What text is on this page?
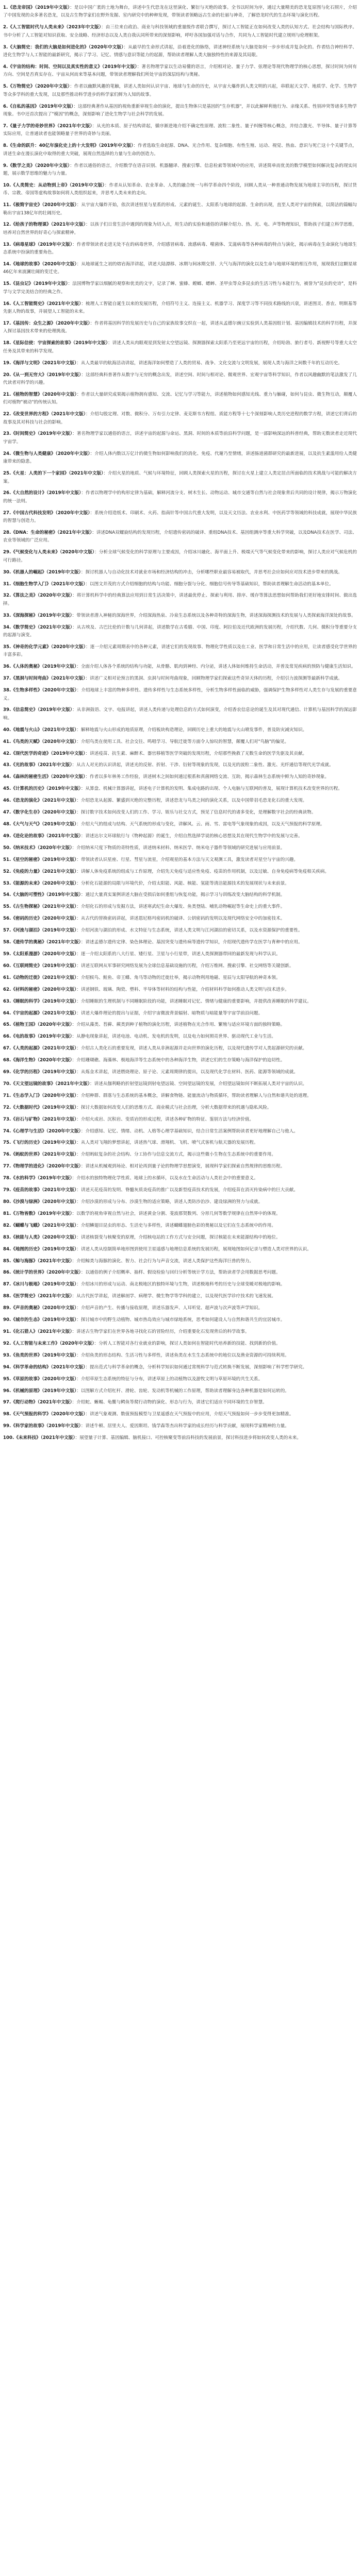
1.《恐龙帝国》（2019年中文版）：是以中国广袤的土地为舞台，讲述中生代恐龙在这里演化、繁衍与灭绝的故事。全书以时间为序，通过大量精美的恐龙复原图与化石照片，介绍了中国发现的众多著名恐龙，以及古生物学家们在野外发掘、室内研究中的种种发现，带领读者领略远古生命的壮丽与神奇，了解恐龙时代的生态环境与演化历程。

2.《人工智能时代与人类未来》（2023年中文版）：由三位来自政治、商业与科技领域的重量级作者联合撰写，探讨人工智能正在如何改变人类的认知方式、社会结构与国际秩序。书中分析了人工智能对知识获取、安全战略、经济形态以及人类自我认同所带来的深刻影响，呼吁各国加强对话与合作，共同为人工智能时代建立规则与伦理框架。

3.《大脑简史：我们的大脑是如何进化的》（2020年中文版）：从最早的生命形式讲起，沿着进化的脉络，讲述神经系统与大脑是如何一步步形成并复杂化的。作者结合神经科学、进化生物学与人工智能的最新研究，揭示了学习、记忆、情感与意识等能力的起源，帮助读者理解人类大脑独特性的来源及其局限。

4.《宇宙的结构：时间、空间以及真实性的意义》（2019年中文版）：著名物理学家以生动易懂的语言，介绍相对论、量子力学、弦理论等现代物理学的核心思想，探讨时间为何有方向、空间是否真实存在、宇宙从何而来等基本问题，带领读者理解我们所处宇宙的深层结构与奥秘。

5.《万物简史》（2020年中文版）：作者以幽默风趣的笔触，讲述人类如何认识宇宙、地球与生命的历史，从宇宙大爆炸到人类文明的兴起，串联起天文学、地质学、化学、生物学等众多学科的重大发现，以及那些推动科学进步的科学家们鲜为人知的故事。

6.《自私的基因》（2019年中文版）：这部经典著作从基因的视角重新审视生命的演化，提出生物体只是基因的"生存机器"，并以此解释利他行为、亲缘关系、性别冲突等诸多生物学现象。书中还首次提出了"模因"的概念，深刻影响了进化生物学与社会科学的发展。

7.《量子力学的奇妙世界》（2021年中文版）：从光的本质、原子结构讲起，循序渐进地介绍不确定性原理、波粒二象性、量子纠缠等核心概念，并结合激光、半导体、量子计算等实际应用，让普通读者也能领略量子世界的奇妙与美丽。

8.《生命的跃升：40亿年演化史上的十大发明》（2019年中文版）：作者选取生命起源、DNA、光合作用、复杂细胞、有性生殖、运动、视觉、热血、意识与死亡这十个关键节点，讲述生命在漫长演化中取得的重大突破，展现自然选择的力量与生命的创造力。

9.《数学之美》（2020年中文版）：作者以通俗的语言，介绍数学在语音识别、机器翻译、搜索引擎、信息检索等领域中的应用，讲述简单而优美的数学模型如何解决复杂的现实问题，展示数学思维的魅力与力量。

10.《人类简史：从动物到上帝》（2019年中文版）：作者从认知革命、农业革命、人类的融合统一与科学革命四个阶段，回顾人类从一种普通动物发展为地球主宰的历程，探讨货币、宗教、帝国等虚构故事如何将人类组织起来，并思考人类未来的走向。

11.《极简宇宙史》（2020年中文版）：从宇宙大爆炸开始，依次讲述恒星与星系的形成、元素的诞生、太阳系与地球的起源、生命的出现，直至人类对宇宙的探索，以简洁的篇幅勾勒出宇宙138亿年的壮阔历史。

12.《给孩子的物理课》（2021年中文版）：以孩子们日常生活中遇到的现象为切入点，用生动的实验和通俗的讲解介绍力、热、光、电、声等物理知识，帮助孩子们建立科学思维，培养对自然世界的好奇心与探索精神。

13.《病毒星球》（2019年中文版）：作者带领读者走进无处不在的病毒世界，介绍感冒病毒、流感病毒、噬菌体、艾滋病毒等各种病毒的特点与演化，揭示病毒在生命演化与地球生态系统中扮演的重要角色。

14.《地球的故事》（2020年中文版）：从地球诞生之初的熔岩海洋讲起，讲述大陆漂移、冰期与间冰期交替、大气与海洋的演化以及生命与地球环境的相互作用，展现我们这颗星球46亿年来波澜壮阔的变迁史。

15.《昆虫记》（2019年中文版）：法国博物学家以细腻的观察和优美的文字，记录了蝉、蜜蜂、螳螂、蟋蟀、圣甲虫等众多昆虫的生活习性与本能行为，被誉为"昆虫的史诗"，是科学与文学完美结合的经典之作。

16.《人工智能简史》（2021年中文版）：梳理人工智能自诞生以来的发展历程，介绍符号主义、连接主义、机器学习、深度学习等不同技术路线的兴衰，讲述图灵、香农、明斯基等先驱人物的故事，并展望人工智能的未来。

17.《基因传：众生之源》（2020年中文版）：作者将基因科学的发展历史与自己的家族故事交织在一起，讲述从孟德尔豌豆实验到人类基因组计划、基因编辑技术的科学历程，并深入探讨基因技术带来的伦理挑战。

18.《星际信使：宇宙探索的故事》（2019年中文版）：讲述人类从肉眼观星到发射太空望远镜、探测器探索太阳系乃至更远宇宙的历程，介绍哈勃、旅行者号、新视野号等重大太空任务及其带来的科学发现。

19.《海洋与文明》（2021年中文版）：从人类最早的航海活动讲起，讲述海洋如何塑造了人类的贸易、战争、文化交流与文明发展，展现人类与海洋之间数千年的互动历史。

20.《从一到无穷大》（2019年中文版）：这部经典科普著作从数字与无穷的概念出发，讲述空间、时间与相对论、微观世界、宏观宇宙等科学知识，作者以风趣幽默的笔法激发了几代读者对科学的兴趣。

21.《植物的智慧》（2020年中文版）：作者以大量研究成果揭示植物拥有感知、交流、记忆与学习等能力，讲述植物如何感知光线、重力与触碰，如何与昆虫、微生物互动，颠覆人们对植物"被动"的传统认知。

22.《改变世界的方程》（2021年中文版）：介绍勾股定理、对数、微积分、万有引力定律、麦克斯韦方程组、质能方程等十七个深刻影响人类历史进程的数学方程，讲述它们背后的故事及其对科技与社会的影响。

23.《时间简史》（2019年中文版）：著名物理学家以通俗的语言，讲述宇宙的起源与命运、黑洞、时间的本质等前沿科学问题，是一部影响深远的科普经典，帮助无数读者走近现代宇宙学。

24.《微生物与人类健康》（2020年中文版）：介绍人体内数以万亿计的微生物如何影响我们的消化、免疫、代谢乃至情绪，讲述肠道菌群研究的最新进展，以及抗生素滥用给人类健康带来的隐患。

25.《火星：人类的下一个家园》（2021年中文版）：介绍火星的地质、气候与环境特征，回顾人类探索火星的历程，探讨在火星上建立人类定居点所面临的技术挑战与可能的解决方案。

26.《大自然的设计》（2019年中文版）：作者以物理学中的构形定律为基础，解释河流分支、树木生长、动物运动、城市交通等自然与社会现象背后共同的设计规律，揭示万物演化的统一法则。

27.《中国古代科技发明》（2020年中文版）：系统介绍造纸术、印刷术、火药、指南针等中国古代重大发明，以及天文历法、农业水利、中医药学等领域的科技成就，展现中华民族的智慧与创造力。

28.《DNA：生命的秘密》（2021年中文版）：讲述DNA双螺旋结构的发现历程，介绍遗传密码的破译、重组DNA技术、基因组测序等重大科学突破，以及DNA技术在医学、司法、农业等领域的广泛应用。

29.《气候变化与人类未来》（2020年中文版）：分析全球气候变化的科学原理与主要成因，介绍冰川融化、海平面上升、极端天气等气候变化带来的影响，探讨人类应对气候危机的可行路径。

30.《机器人的崛起》（2019年中文版）：探讨机器人与自动化技术对就业市场和经济结构的冲击，分析哪些职业最容易被取代，并思考社会应如何应对技术进步带来的挑战。

31.《细胞生物学入门》（2021年中文版）：以图文并茂的方式介绍细胞的结构与功能、细胞分裂与分化、细胞信号传导等基础知识，帮助读者理解生命活动的基本单位。

32.《算法之美》（2020年中文版）：将计算机科学中的经典算法应用到日常生活决策中，讲述最优停止、探索与利用、排序、缓存等算法思想如何帮助我们更好地安排时间、做出选择。

33.《深海探秘》（2019年中文版）：带领读者潜入神秘的深海世界，介绍深海热泉、冷泉生态系统以及各种奇特的深海生物，讲述深海探测技术的发展与人类探索海洋深处的故事。

34.《数学简史》（2021年中文版）：从古埃及、古巴比伦的计数与几何讲起，讲述数学在古希腊、中国、印度、阿拉伯及近代欧洲的发展历程，介绍代数、几何、微积分等重要分支的起源与演变。

35.《神奇的化学元素》（2020年中文版）：逐一介绍元素周期表中的各种元素，讲述它们的发现故事、物理化学性质以及在工业、医学和日常生活中的应用，让读者感受化学世界的丰富多彩。

36.《人体的奥秘》（2019年中文版）：全面介绍人体各个系统的结构与功能，从骨骼、肌肉到神经、内分泌，讲述人体如何维持生命活动，并普及常见疾病的预防与健康生活知识。

37.《黑洞与时间弯曲》（2021年中文版）：讲述广义相对论预言的黑洞、虫洞与时间弯曲现象，回顾物理学家们探索这些奇异天体的历程，介绍引力波探测等最新科学成就。

38.《生物多样性》（2020年中文版）：介绍地球上丰富的物种多样性、遗传多样性与生态系统多样性，分析生物多样性面临的威胁，强调保护生物多样性对人类生存与发展的重要意义。

39.《信息简史》（2019年中文版）：从非洲鼓语、文字、电报讲起，讲述人类传递与处理信息的方式如何演变，介绍香农信息论的诞生及其对现代通信、计算机与基因科学的深远影响。

40.《地震与火山》（2021年中文版）：解释地震与火山形成的地质原理，介绍板块构造理论，回顾历史上重大的地震与火山喷发事件，普及防灾减灾知识。

41.《鸟类的天赋》（2020年中文版）：介绍鸟类在使用工具、社会交往、鸣唱学习、导航迁徙等方面令人惊叹的智慧，颠覆人们对"鸟脑"的偏见。

42.《现代医学的奇迹》（2019年中文版）：讲述疫苗、抗生素、麻醉术、器官移植等医学突破的发现历程，介绍那些挽救了无数生命的医学先驱及其贡献。

43.《光的故事》（2021年中文版）：从古人对光的认识讲起，讲述光的反射、折射、干涉、衍射等现象的发现，以及光的波粒二象性、激光、光纤通信等现代光学成就。

44.《森林的秘密生活》（2020年中文版）：作者以多年林务工作经验，讲述树木之间如何通过根系和真菌网络交流、互助，揭示森林生态系统中鲜为人知的奇妙现象。

45.《计算机的历史》（2019年中文版）：从算盘、机械计算器讲起，讲述电子计算机的发明、集成电路的出现、个人电脑与互联网的普及，展现计算机技术改变世界的历程。

46.《恐龙的演化》（2021年中文版）：介绍恐龙从起源、繁盛到灭绝的完整历程，讲述恐龙与鸟类之间的演化关系，以及中国带羽毛恐龙化石的重大发现。

47.《数字化生存》（2020年中文版）：探讨数字技术如何改变人们的工作、学习、娱乐与社交方式，预见了信息时代的诸多变化，是理解数字社会的经典读物。

48.《大气与天气》（2019年中文版）：介绍大气的组成与结构、天气系统的形成与变化，讲解风、云、雨、雪、雷电等气象现象的成因，以及天气预报的科学原理。

49.《进化论的故事》（2021年中文版）：讲述达尔文环球航行与《物种起源》的诞生，介绍自然选择学说的核心思想及其在现代生物学中的发展与完善。

50.《纳米技术》（2020年中文版）：介绍纳米尺度下物质的奇特性质，讲述纳米材料、纳米医学、纳米电子器件等领域的研究进展与应用前景。

51.《星空的秘密》（2019年中文版）：带领读者认识星座、行星、彗星与流星，介绍观星的基本方法与天文观测工具，激发读者对星空与宇宙的兴趣。

52.《免疫的力量》（2021年中文版）：讲解人体免疫系统的组成与工作原理，介绍先天免疫与适应性免疫、疫苗的作用机制，以及过敏、自身免疫病等免疫相关疾病。

53.《能源的未来》（2020年中文版）：分析化石能源的局限与环境代价，介绍太阳能、风能、核能、氢能等清洁能源技术的发展现状与未来前景。

54.《大脑的可塑性》（2019年中文版）：通过大量真实案例讲述大脑在受损后如何重组与恢复功能，揭示学习与训练改变大脑结构的科学机制。

55.《古生物探秘》（2021年中文版）：介绍化石的形成与发掘方法，讲述寒武纪生命大爆发、鱼类登陆、哺乳动物崛起等生命史上的重大事件。

56.《密码的历史》（2020年中文版）：从古代的替换密码讲起，讲述恩尼格玛密码机的破译、公钥密码的发明以及现代网络安全中的加密技术。

57.《河流与湖泊》（2019年中文版）：介绍河流与湖泊的形成、水文特征与生态系统，讲述人类文明与江河湖泊的密切关系，以及水资源保护的重要性。

58.《遗传学的奥秘》（2021年中文版）：讲述孟德尔遗传定律、染色体理论、基因突变与遗传病等遗传学知识，介绍现代遗传学在医学与育种中的应用。

59.《太阳系漫游》（2020年中文版）：逐一介绍太阳系的八大行星、矮行星、卫星与小行星带，讲述人类探测器带回的最新发现与科学认识。

60.《互联网简史》（2019年中文版）：讲述互联网从军事研究网络发展为全球信息基础设施的历程，介绍万维网、搜索引擎、社交网络等关键创新。

61.《动物的迁徙》（2021年中文版）：介绍候鸟、鲑鱼、帝王蝶、角马等动物的迁徙壮举，揭示动物利用地磁、星辰与太阳导航的神奇本领。

62.《材料的秘密》（2020年中文版）：讲述钢铁、玻璃、陶瓷、塑料、半导体等材料的结构与性能，介绍材料科学如何推动人类文明与技术进步。

63.《睡眠的科学》（2019年中文版）：介绍睡眠的生理机制与不同睡眠阶段的功能，讲述睡眠对记忆、情绪与健康的重要影响，并提供改善睡眠的科学建议。

64.《宇宙的起源》（2021年中文版）：讲述大爆炸理论的提出与证据，介绍宇宙微波背景辐射、暗物质与暗能量等宇宙学前沿问题。

65.《植物王国》（2020年中文版）：介绍从藻类、苔藓、蕨类到种子植物的演化历程，讲述植物在光合作用、繁殖与适应环境方面的独特策略。

66.《电的故事》（2019年中文版）：从静电现象讲起，讲述电池、电动机、发电机的发明，以及电力如何照亮世界、驱动现代工业与生活。

67.《人类的起源》（2021年中文版）：介绍古人类化石的重要发现，讲述人类从非洲起源并走向世界的演化历程，以及现代遗传学对人类起源研究的贡献。

68.《海洋生物》（2020年中文版）：介绍珊瑚礁、海藻林、极地海洋等生态系统中的各种海洋生物，讲述它们的生存策略与海洋保护的迫切性。

69.《化学的历程》（2019年中文版）：从炼金术讲起，讲述燃烧理论、原子论、元素周期律的提出，以及现代化学在材料、医药、能源等领域的成就。

70.《天文望远镜的故事》（2021年中文版）：讲述从伽利略的折射望远镜到射电望远镜、空间望远镜的发展，介绍望远镜如何不断拓展人类对宇宙的认识。

71.《生态学入门》（2020年中文版）：介绍种群、群落与生态系统的基本概念，讲解食物链、能量流动与物质循环，帮助读者理解人与自然和谐共处的道理。

72.《大数据时代》（2019年中文版）：探讨大数据如何改变人们的思维方式、商业模式与社会治理，分析大数据带来的机遇与隐私风险。

73.《岩石与矿物》（2021年中文版）：介绍火成岩、沉积岩、变质岩的形成过程，讲述各种矿物的特征、鉴别方法与经济价值。

74.《心理学与生活》（2020年中文版）：介绍感知、记忆、情绪、动机、人格等心理学基础知识，结合日常生活案例帮助读者更好地理解自己与他人。

75.《飞行的历史》（2019年中文版）：从人类对飞翔的梦想讲起，讲述热气球、滑翔机、飞机、喷气式客机与航天器的发展历程。

76.《蚂蚁的世界》（2021年中文版）：介绍蚂蚁复杂的社会结构、分工协作与信息交流方式，揭示这些微小生物在生态系统中的重要作用。

77.《物理学的进化》（2020年中文版）：讲述从机械观到场论、相对论再到量子论的物理学思想演变，展现科学家们探索自然规律的思维历程。

78.《水的科学》（2019年中文版）：介绍水的独特物理化学性质、地球上的水循环，以及水在生命活动与人类社会中的重要意义。

79.《疫苗的故事》（2021年中文版）：讲述天花疫苗的发明、脊髓灰质炎疫苗的推广以及新型疫苗技术的发展，介绍疫苗在消灭传染病中的巨大贡献。

80.《沙漠与绿洲》（2020年中文版）：介绍沙漠的形成与分布、沙漠生物的适应策略，讲述人类防沙治沙、建设绿洲的努力与成就。

81.《万物皆数》（2019年中文版）：以数学的视角审视自然与社会，讲述黄金分割、斐波那契数列、分形几何等数学规律在自然界中的体现。

82.《蝴蝶与飞蛾》（2021年中文版）：介绍鳞翅目昆虫的形态、生活史与多样性，讲述蝴蝶翅膀色彩的奥秘以及它们在生态系统中的作用。

83.《核能与人类》（2020年中文版）：讲述核裂变与核聚变的原理，介绍核电站的工作方式与安全问题，探讨核能在未来能源结构中的地位。

84.《地图的历史》（2019年中文版）：讲述人类从绘制简单地形图到使用卫星遥感与地理信息系统的发展历程，展现地图如何记录与塑造人类对世界的认识。

85.《鲸与海豚》（2021年中文版）：介绍鲸类与海豚的演化、智力、社会行为与声音交流，讲述人类保护这些海洋巨兽的努力。

86.《统计学的世界》（2020年中文版）：以通俗的例子介绍概率、抽样、假设检验与回归分析等统计学方法，帮助读者学会用数据思考问题。

87.《冰川与极地》（2019年中文版）：介绍冰川的形成与运动、南北极地区的独特环境与生物，讲述极地科考的历史与全球变暖对极地的影响。

88.《医学简史》（2021年中文版）：从古代医学讲起，讲述解剖学、病理学、微生物学等学科的建立，以及现代医学诊疗技术的飞速发展。

89.《声音的奥秘》（2020年中文版）：介绍声音的产生、传播与接收原理，讲述乐器发声、人耳听觉、超声波与次声波等声学知识。

90.《城市的生态》（2019年中文版）：探讨城市中的野生动植物、城市热岛效应与城市绿地系统，思考如何建设人与自然和谐共生的宜居城市。

91.《化石猎人》（2021年中文版）：讲述古生物学家们在世界各地寻找化石的冒险经历，介绍重要化石发现背后的科学故事。

92.《人工智能与未来工作》（2020年中文版）：分析人工智能对各行业就业的影响，探讨人类如何在智能时代培养新的技能、找到新的价值。

93.《鱼类的世界》（2019年中文版）：介绍鱼类的形态结构、生活习性与多样性，讲述鱼类在水生生态系统中的地位以及渔业资源的可持续利用。

94.《科学革命的结构》（2021年中文版）：提出范式与科学革命的概念，分析科学知识如何通过常规科学与范式转换不断发展，深刻影响了科学哲学研究。

95.《草原的故事》（2020年中文版）：介绍草原生态系统的特征与分布，讲述草原上的动植物以及游牧文明与草原环境的共生关系。

96.《机械的原理》（2019年中文版）：以图解方式介绍杠杆、滑轮、齿轮、发动机等机械的工作原理，帮助读者理解身边各种机器是如何运转的。

97.《爬行动物》（2021年中文版）：介绍蛇、蜥蜴、龟鳖与鳄鱼等爬行动物的演化、形态与行为，讲述它们适应不同环境的生存智慧。

98.《天气预报的科学》（2020年中文版）：讲述气象观测、数值预报模型与卫星遥感在天气预报中的应用，介绍天气预报如何一步步变得更加精准。

99.《科学家的故事》（2019年中文版）：讲述牛顿、居里夫人、爱因斯坦、钱学森等杰出科学家的成长经历与科学贡献，展现科学家精神的力量。

100.《未来科技》（2021年中文版）：展望量子计算、基因编辑、脑机接口、可控核聚变等前沿科技的发展前景，探讨科技进步将如何改变人类的未来。
